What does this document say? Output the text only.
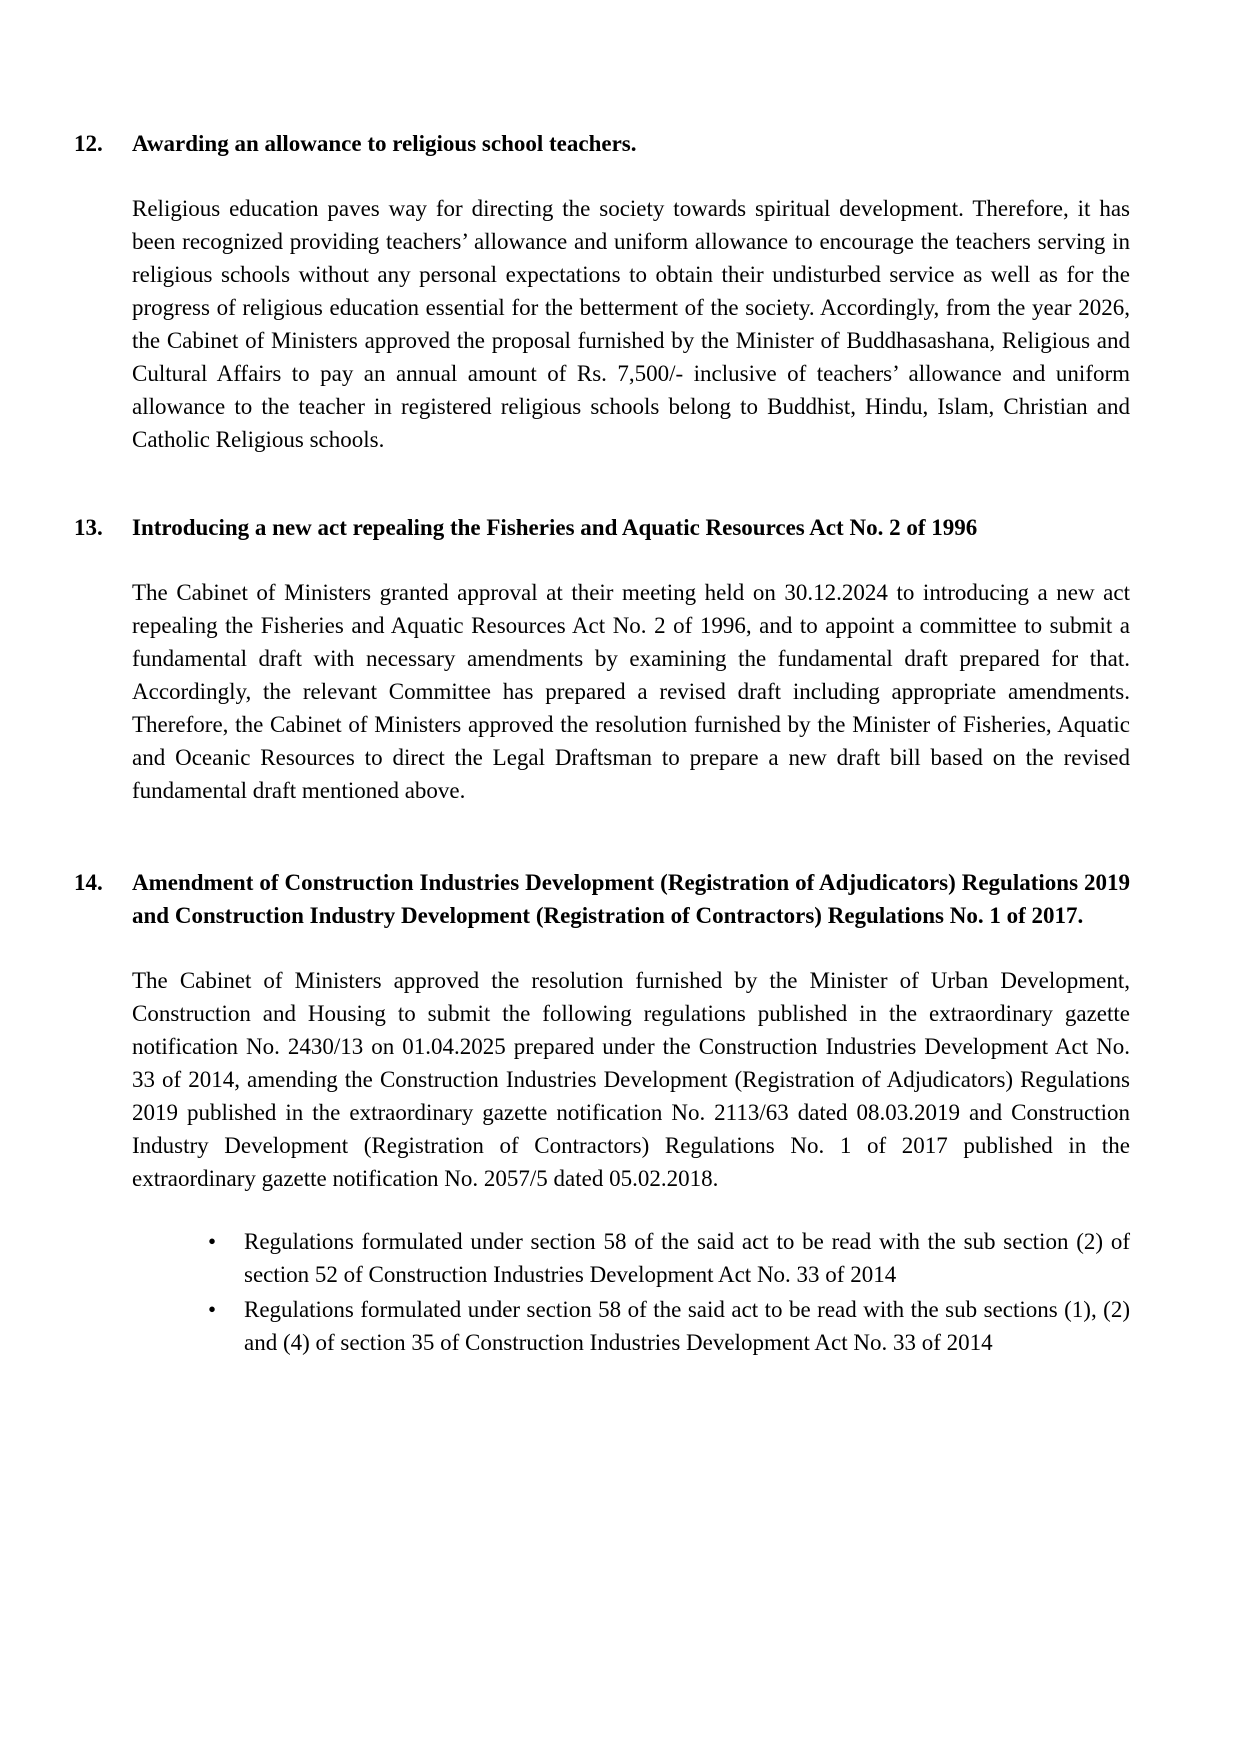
12. Awarding an allowance to religious school teachers.

Religious education paves way for directing the society towards spiritual development. Therefore, it has been recognized providing teachers’ allowance and uniform allowance to encourage the teachers serving in religious schools without any personal expectations to obtain their undisturbed service as well as for the progress of religious education essential for the betterment of the society. Accordingly, from the year 2026, the Cabinet of Ministers approved the proposal furnished by the Minister of Buddhasashana, Religious and Cultural Affairs to pay an annual amount of Rs. 7,500/- inclusive of teachers’ allowance and uniform allowance to the teacher in registered religious schools belong to Buddhist, Hindu, Islam, Christian and Catholic Religious schools.

13. Introducing a new act repealing the Fisheries and Aquatic Resources Act No. 2 of 1996

The Cabinet of Ministers granted approval at their meeting held on 30.12.2024 to introducing a new act repealing the Fisheries and Aquatic Resources Act No. 2 of 1996, and to appoint a committee to submit a fundamental draft with necessary amendments by examining the fundamental draft prepared for that. Accordingly, the relevant Committee has prepared a revised draft including appropriate amendments. Therefore, the Cabinet of Ministers approved the resolution furnished by the Minister of Fisheries, Aquatic and Oceanic Resources to direct the Legal Draftsman to prepare a new draft bill based on the revised fundamental draft mentioned above.

14. Amendment of Construction Industries Development (Registration of Adjudicators) Regulations 2019 and Construction Industry Development (Registration of Contractors) Regulations No. 1 of 2017.

The Cabinet of Ministers approved the resolution furnished by the Minister of Urban Development, Construction and Housing to submit the following regulations published in the extraordinary gazette notification No. 2430/13 on 01.04.2025 prepared under the Construction Industries Development Act No. 33 of 2014, amending the Construction Industries Development (Registration of Adjudicators) Regulations 2019 published in the extraordinary gazette notification No. 2113/63 dated 08.03.2019 and Construction Industry Development (Registration of Contractors) Regulations No. 1 of 2017 published in the extraordinary gazette notification No. 2057/5 dated 05.02.2018.

• Regulations formulated under section 58 of the said act to be read with the sub section (2) of section 52 of Construction Industries Development Act No. 33 of 2014
• Regulations formulated under section 58 of the said act to be read with the sub sections (1), (2) and (4) of section 35 of Construction Industries Development Act No. 33 of 2014
